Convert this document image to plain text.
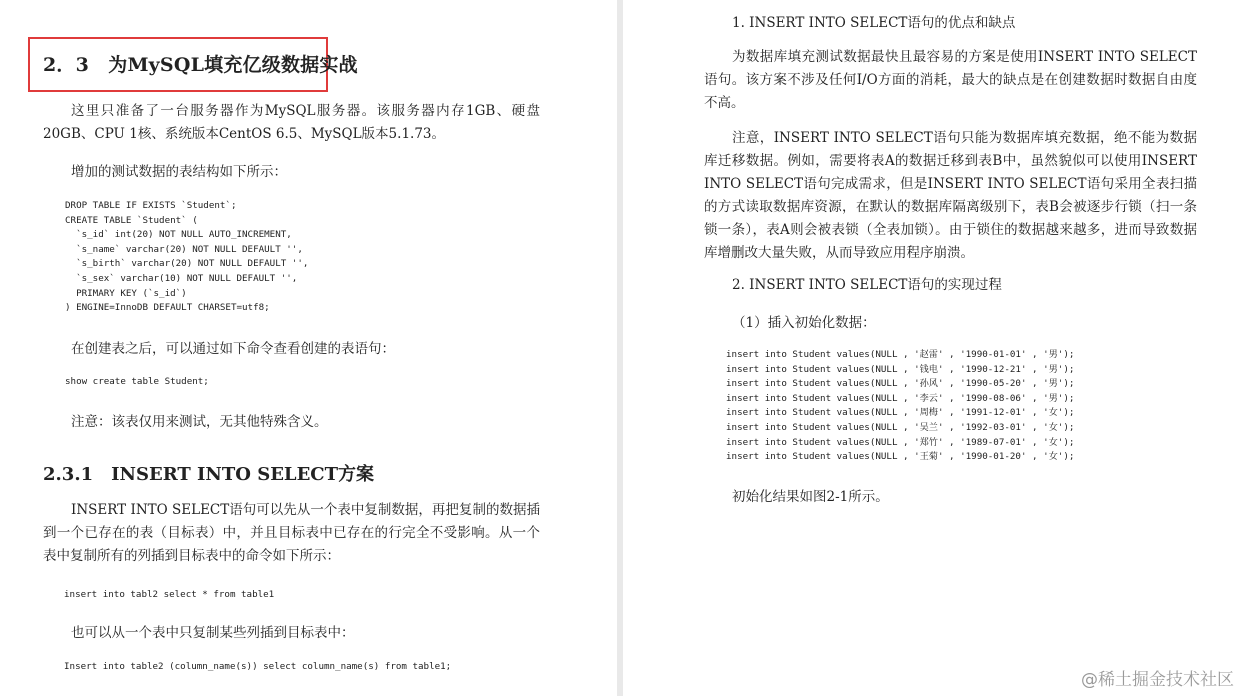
2．3　为MySQL填充亿级数据实战

这里只准备了一台服务器作为MySQL服务器。该服务器内存1GB、硬盘20GB、CPU 1核、系统版本CentOS 6.5、MySQL版本5.1.73。

增加的测试数据的表结构如下所示：

DROP TABLE IF EXISTS `Student`;
CREATE TABLE `Student` (
`s_id` int(20) NOT NULL AUTO_INCREMENT,
`s_name` varchar(20) NOT NULL DEFAULT '',
`s_birth` varchar(20) NOT NULL DEFAULT '',
`s_sex` varchar(10) NOT NULL DEFAULT '',
PRIMARY KEY (`s_id`)
) ENGINE=InnoDB DEFAULT CHARSET=utf8;

在创建表之后，可以通过如下命令查看创建的表语句：

show create table Student;

注意：该表仅用来测试，无其他特殊含义。

2.3.1　INSERT INTO SELECT方案

INSERT INTO SELECT语句可以先从一个表中复制数据，再把复制的数据插到一个已存在的表（目标表）中，并且目标表中已存在的行完全不受影响。从一个表中复制所有的列插到目标表中的命令如下所示：

insert into tabl2 select * from table1

也可以从一个表中只复制某些列插到目标表中：

Insert into table2 (column_name(s)) select column_name(s) from table1;

1. INSERT INTO SELECT语句的优点和缺点

为数据库填充测试数据最快且最容易的方案是使用INSERT INTO SELECT语句。该方案不涉及任何I/O方面的消耗，最大的缺点是在创建数据时数据自由度不高。

注意，INSERT INTO SELECT语句只能为数据库填充数据，绝不能为数据库迁移数据。例如，需要将表A的数据迁移到表B中，虽然貌似可以使用INSERT INTO SELECT语句完成需求，但是INSERT INTO SELECT语句采用全表扫描的方式读取数据库资源，在默认的数据库隔离级别下，表B会被逐步行锁（扫一条锁一条），表A则会被表锁（全表加锁）。由于锁住的数据越来越多，进而导致数据库增删改大量失败，从而导致应用程序崩溃。

2. INSERT INTO SELECT语句的实现过程

（1）插入初始化数据：

insert into Student values(NULL , '赵雷' , '1990-01-01' , '男');
insert into Student values(NULL , '钱电' , '1990-12-21' , '男');
insert into Student values(NULL , '孙风' , '1990-05-20' , '男');
insert into Student values(NULL , '李云' , '1990-08-06' , '男');
insert into Student values(NULL , '周梅' , '1991-12-01' , '女');
insert into Student values(NULL , '吴兰' , '1992-03-01' , '女');
insert into Student values(NULL , '郑竹' , '1989-07-01' , '女');
insert into Student values(NULL , '王菊' , '1990-01-20' , '女');

初始化结果如图2-1所示。

@稀土掘金技术社区
